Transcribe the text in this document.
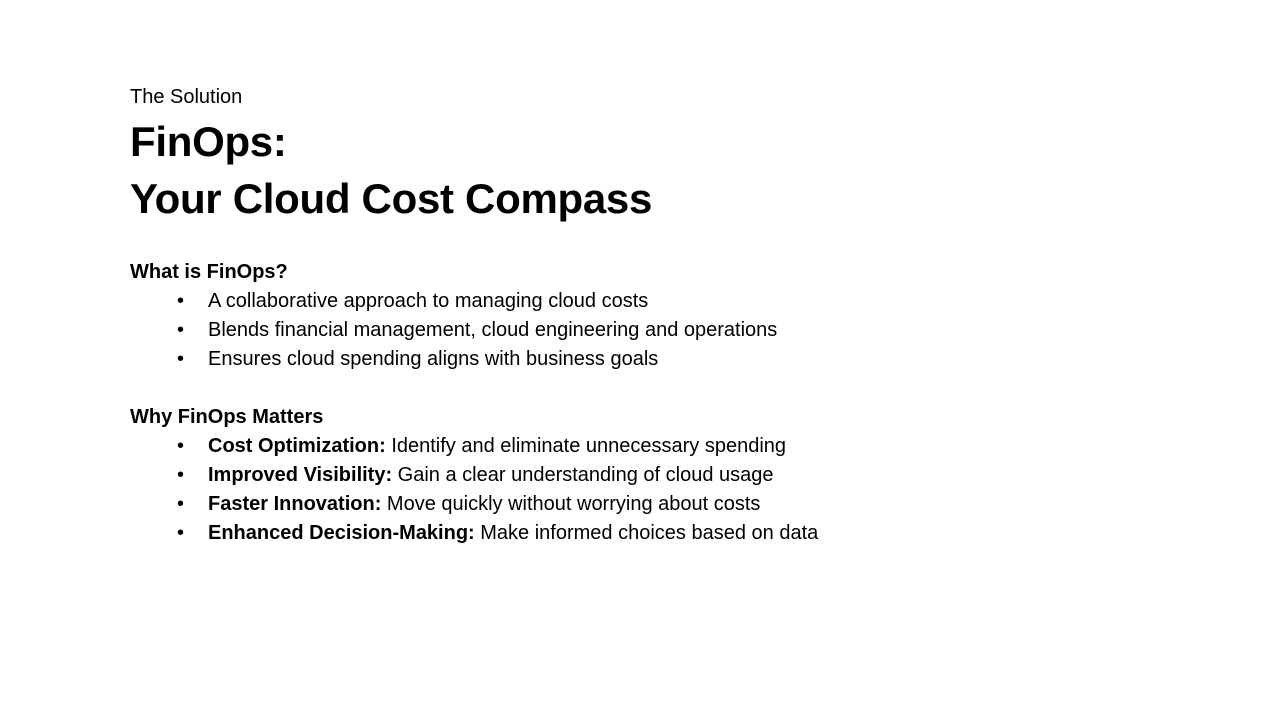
The Solution

FinOps:
Your Cloud Cost Compass

What is FinOps?

• A collaborative approach to managing cloud costs
• Blends financial management, cloud engineering and operations
• Ensures cloud spending aligns with business goals

Why FinOps Matters

• Cost Optimization: Identify and eliminate unnecessary spending
• Improved Visibility: Gain a clear understanding of cloud usage
• Faster Innovation: Move quickly without worrying about costs
• Enhanced Decision-Making: Make informed choices based on data
